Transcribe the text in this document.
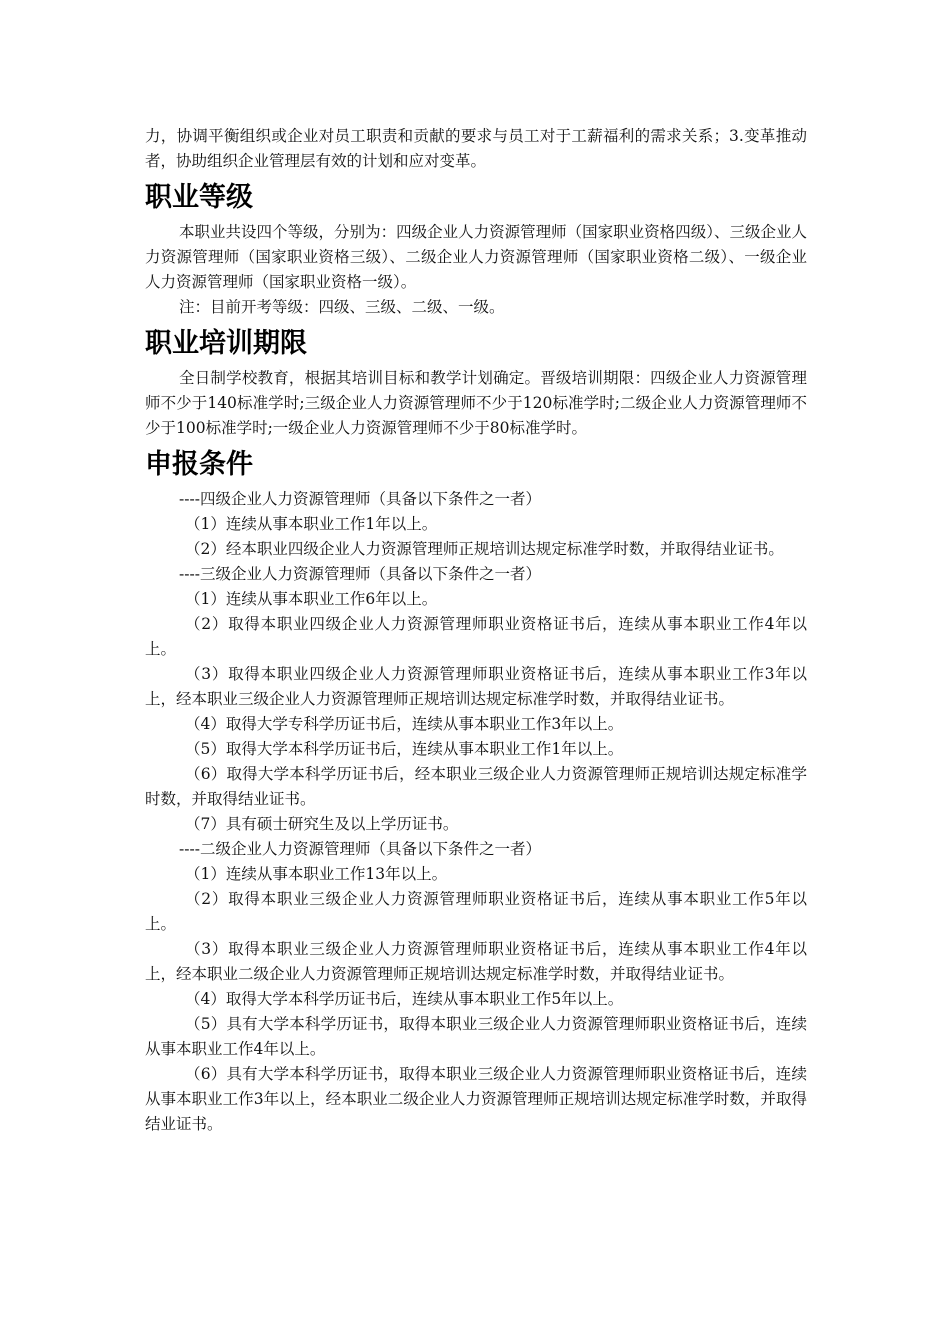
力，协调平衡组织或企业对员工职责和贡献的要求与员工对于工薪福利的需求关系；3.变革推动者，协助组织企业管理层有效的计划和应对变革。

职业等级

本职业共设四个等级，分别为：四级企业人力资源管理师（国家职业资格四级）、三级企业人力资源管理师（国家职业资格三级）、二级企业人力资源管理师（国家职业资格二级）、一级企业人力资源管理师（国家职业资格一级）。

注：目前开考等级：四级、三级、二级、一级。

职业培训期限

全日制学校教育，根据其培训目标和教学计划确定。晋级培训期限：四级企业人力资源管理师不少于140标准学时;三级企业人力资源管理师不少于120标准学时;二级企业人力资源管理师不少于100标准学时;一级企业人力资源管理师不少于80标准学时。

申报条件

----四级企业人力资源管理师（具备以下条件之一者）

（1）连续从事本职业工作1年以上。

（2）经本职业四级企业人力资源管理师正规培训达规定标准学时数，并取得结业证书。

----三级企业人力资源管理师（具备以下条件之一者）

（1）连续从事本职业工作6年以上。

（2）取得本职业四级企业人力资源管理师职业资格证书后，连续从事本职业工作4年以上。

（3）取得本职业四级企业人力资源管理师职业资格证书后，连续从事本职业工作3年以上，经本职业三级企业人力资源管理师正规培训达规定标准学时数，并取得结业证书。

（4）取得大学专科学历证书后，连续从事本职业工作3年以上。

（5）取得大学本科学历证书后，连续从事本职业工作1年以上。

（6）取得大学本科学历证书后，经本职业三级企业人力资源管理师正规培训达规定标准学时数，并取得结业证书。

（7）具有硕士研究生及以上学历证书。

----二级企业人力资源管理师（具备以下条件之一者）

（1）连续从事本职业工作13年以上。

（2）取得本职业三级企业人力资源管理师职业资格证书后，连续从事本职业工作5年以上。

（3）取得本职业三级企业人力资源管理师职业资格证书后，连续从事本职业工作4年以上，经本职业二级企业人力资源管理师正规培训达规定标准学时数，并取得结业证书。

（4）取得大学本科学历证书后，连续从事本职业工作5年以上。

（5）具有大学本科学历证书，取得本职业三级企业人力资源管理师职业资格证书后，连续从事本职业工作4年以上。

（6）具有大学本科学历证书，取得本职业三级企业人力资源管理师职业资格证书后，连续从事本职业工作3年以上，经本职业二级企业人力资源管理师正规培训达规定标准学时数，并取得结业证书。
